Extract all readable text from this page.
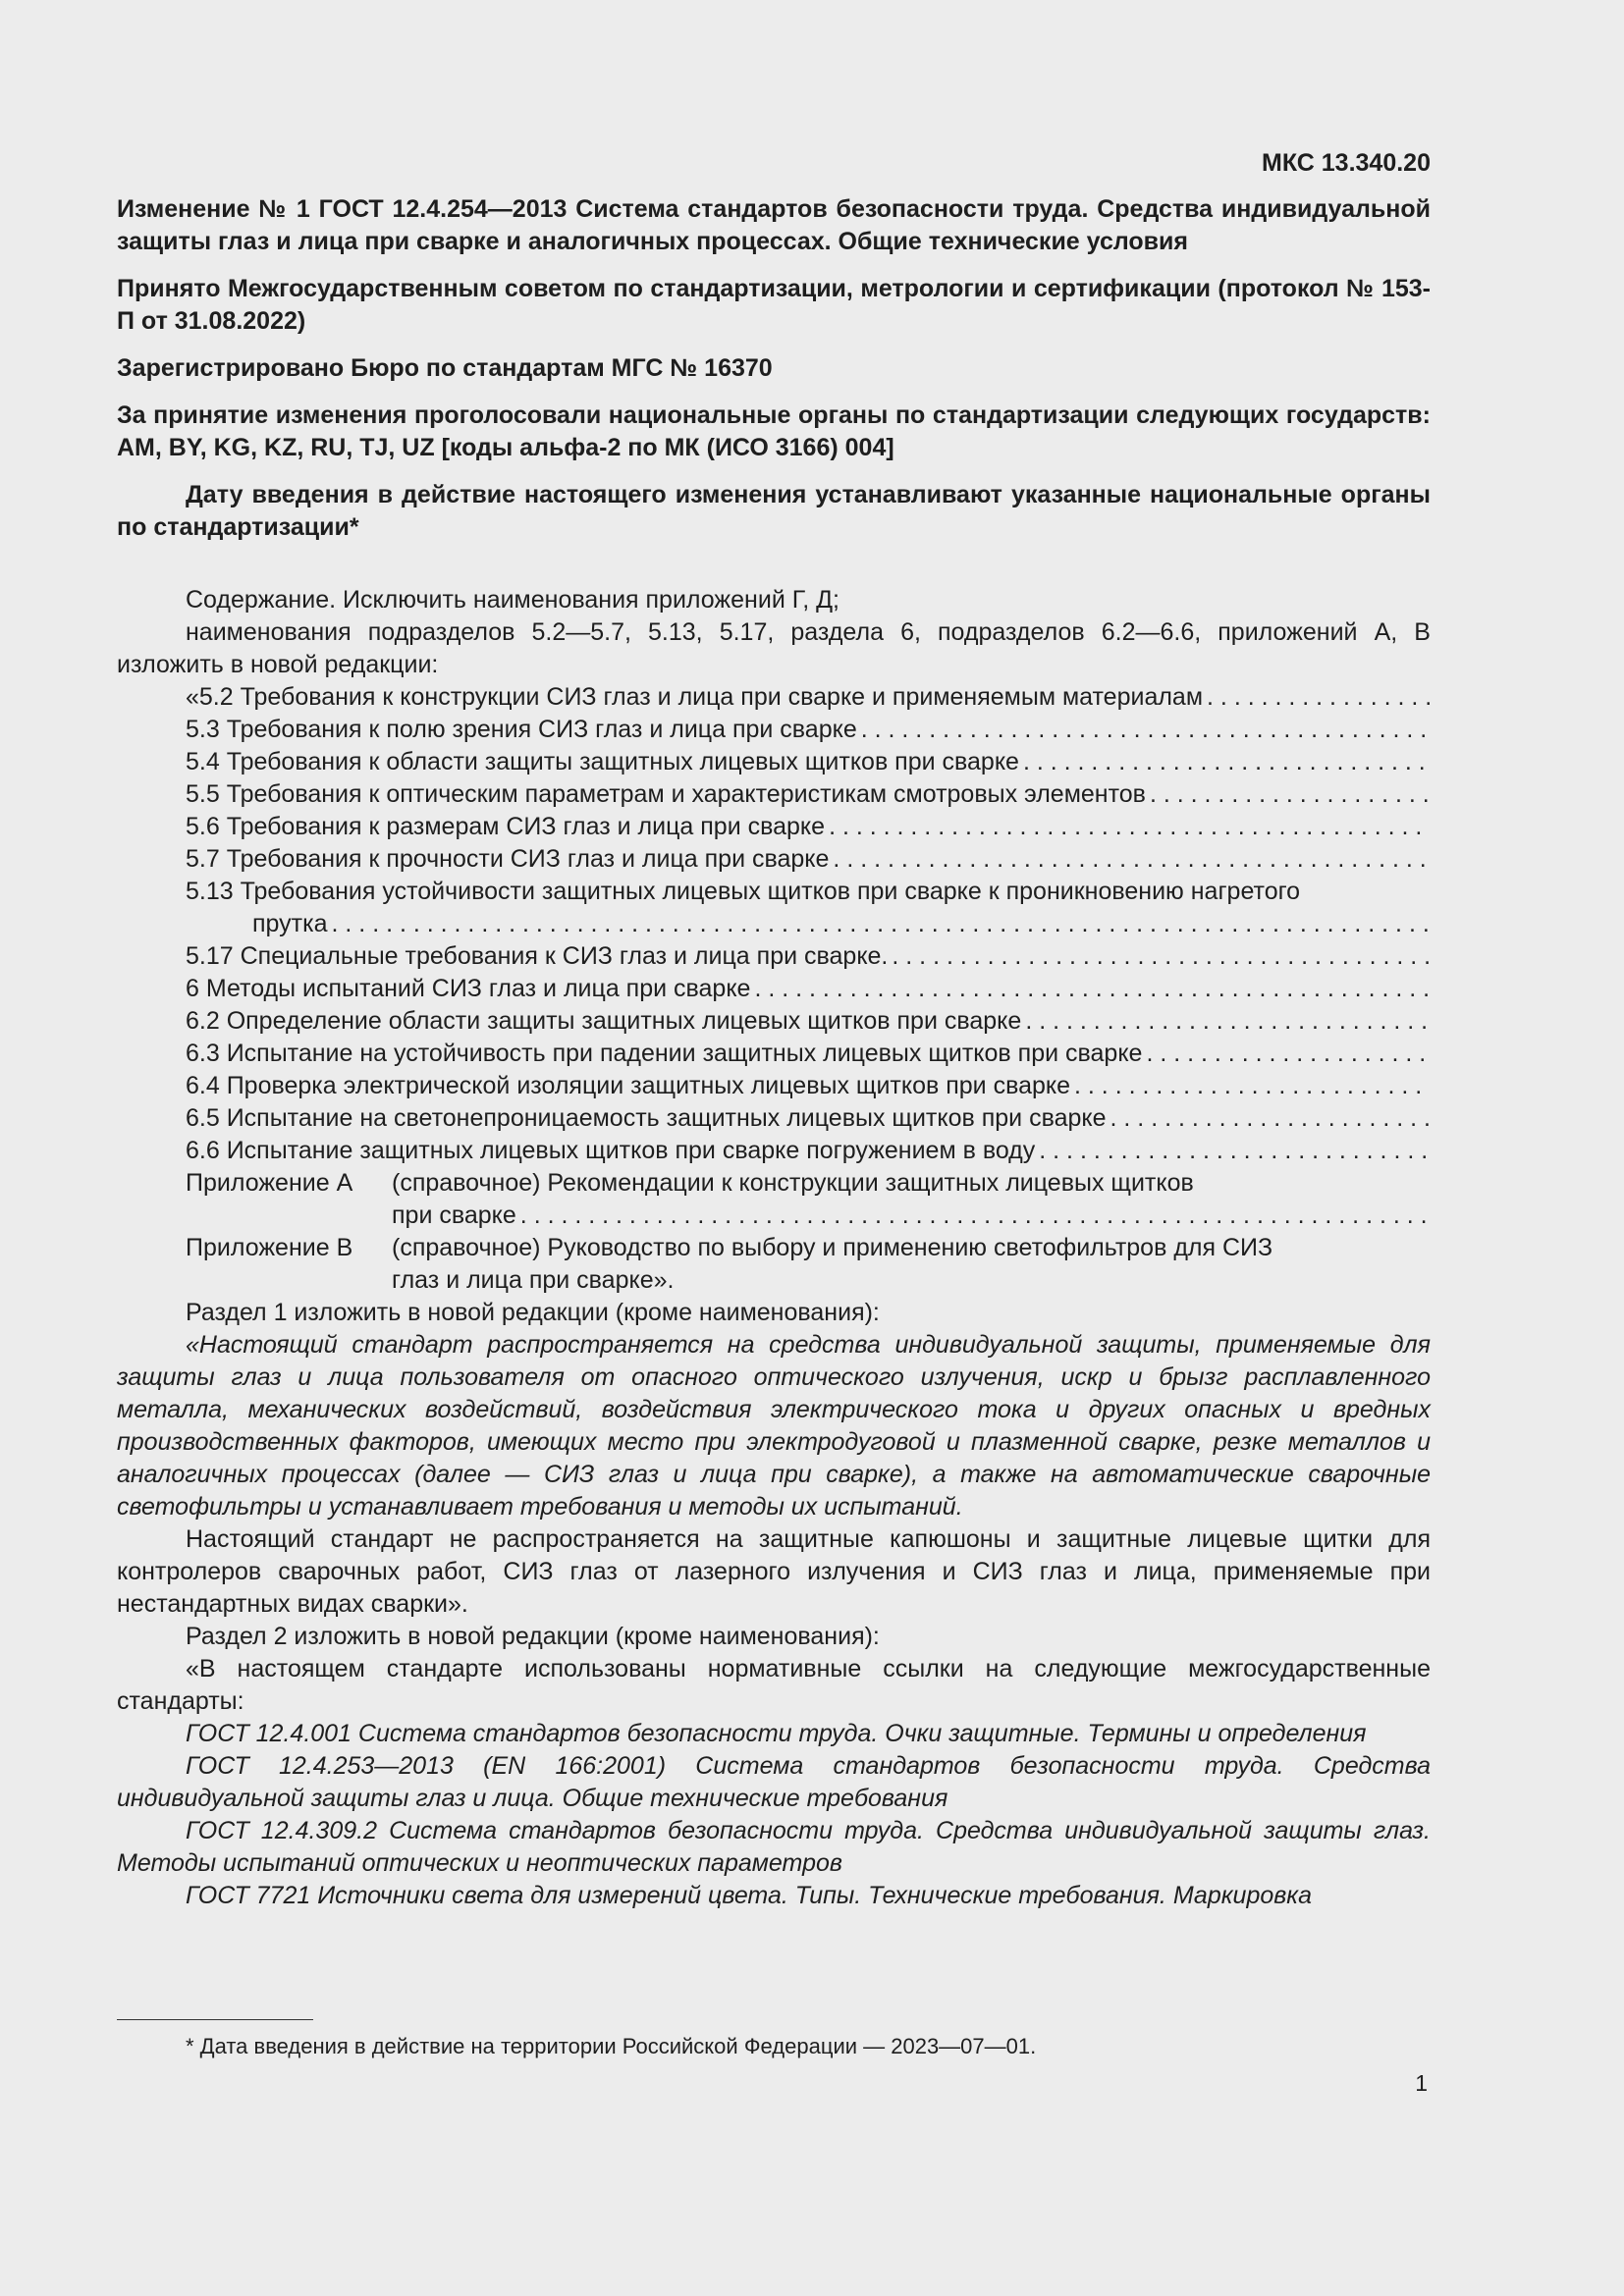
МКС 13.340.20

Изменение № 1 ГОСТ 12.4.254—2013 Система стандартов безопасности труда. Средства индивидуальной защиты глаз и лица при сварке и аналогичных процессах. Общие технические условия

Принято Межгосударственным советом по стандартизации, метрологии и сертификации (протокол № 153-П от 31.08.2022)

Зарегистрировано Бюро по стандартам МГС № 16370

За принятие изменения проголосовали национальные органы по стандартизации следующих государств: AM, BY, KG, KZ, RU, TJ, UZ [коды альфа-2 по МК (ИСО 3166) 004]

Дату введения в действие настоящего изменения устанавливают указанные национальные органы по стандартизации*

Содержание. Исключить наименования приложений Г, Д;

наименования подразделов 5.2—5.7, 5.13, 5.17, раздела 6, подразделов 6.2—6.6, приложений А, В изложить в новой редакции:

«5.2 Требования к конструкции СИЗ глаз и лица при сварке и применяемым материалам
. . .
5.3 Требования к полю зрения СИЗ глаз и лица при сварке
. . .
5.4 Требования к области защиты защитных лицевых щитков при сварке
. . .
5.5 Требования к оптическим параметрам и характеристикам смотровых элементов
. . .
5.6 Требования к размерам СИЗ глаз и лица при сварке
. . .
5.7 Требования к прочности СИЗ глаз и лица при сварке
. . .
5.13 Требования устойчивости защитных лицевых щитков при сварке к проникновению нагретого
прутка
. . .
5.17 Специальные требования к СИЗ глаз и лица при сварке.
. . .
6 Методы испытаний СИЗ глаз и лица при сварке
. . .
6.2 Определение области защиты защитных лицевых щитков при сварке
. . .
6.3 Испытание на устойчивость при падении защитных лицевых щитков при сварке
. . .
6.4 Проверка электрической изоляции защитных лицевых щитков при сварке
. . .
6.5 Испытание на светонепроницаемость защитных лицевых щитков при сварке
. . .
6.6 Испытание защитных лицевых щитков при сварке погружением в воду
. . .
Приложение А	(справочное) Рекомендации к конструкции защитных лицевых щитков
при сварке
. . .
Приложение В	(справочное) Руководство по выбору и применению светофильтров для СИЗ
глаз и лица при сварке».

Раздел 1 изложить в новой редакции (кроме наименования):

«Настоящий стандарт распространяется на средства индивидуальной защиты, применяемые для защиты глаз и лица пользователя от опасного оптического излучения, искр и брызг расплавленного металла, механических воздействий, воздействия электрического тока и других опасных и вредных производственных факторов, имеющих место при электродуговой и плазменной сварке, резке металлов и аналогичных процессах (далее — СИЗ глаз и лица при сварке), а также на автоматические сварочные светофильтры и устанавливает требования и методы их испытаний.

Настоящий стандарт не распространяется на защитные капюшоны и защитные лицевые щитки для контролеров сварочных работ, СИЗ глаз от лазерного излучения и СИЗ глаз и лица, применяемые при нестандартных видах сварки».

Раздел 2 изложить в новой редакции (кроме наименования):

«В настоящем стандарте использованы нормативные ссылки на следующие межгосударственные стандарты:

ГОСТ 12.4.001 Система стандартов безопасности труда. Очки защитные. Термины и определения

ГОСТ 12.4.253—2013 (EN 166:2001) Система стандартов безопасности труда. Средства индивидуальной защиты глаз и лица. Общие технические требования

ГОСТ 12.4.309.2 Система стандартов безопасности труда. Средства индивидуальной защиты глаз. Методы испытаний оптических и неоптических параметров

ГОСТ 7721 Источники света для измерений цвета. Типы. Технические требования. Маркировка

* Дата введения в действие на территории Российской Федерации — 2023—07—01.
1
